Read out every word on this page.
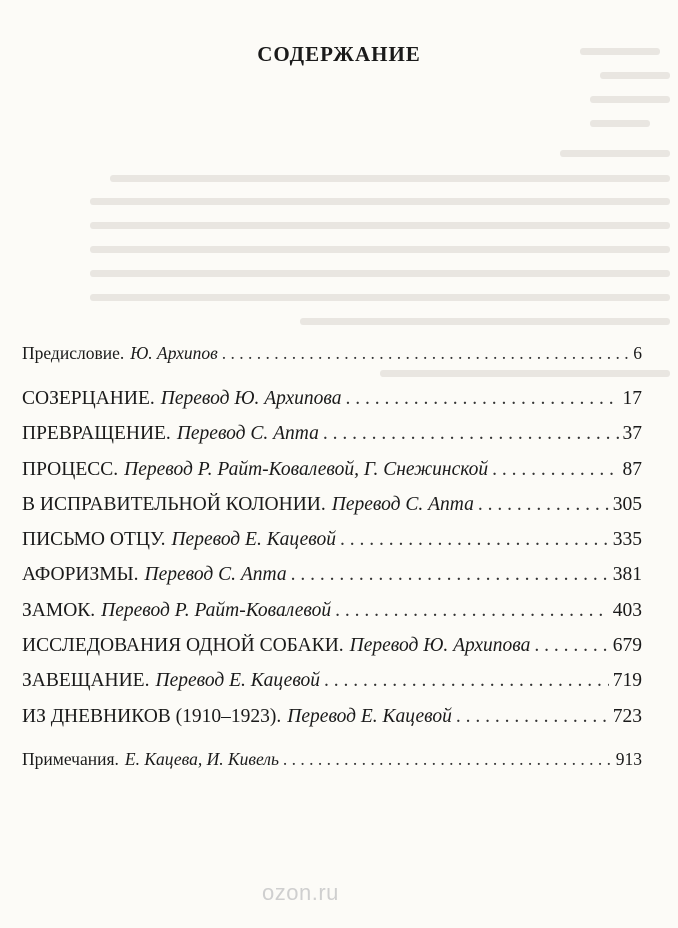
СОДЕРЖАНИЕ
Предисловие. Ю. Архипов . . .	6
СОЗЕРЦАНИЕ. Перевод Ю. Архипова . . .	17
ПРЕВРАЩЕНИЕ. Перевод С. Апта . . .	37
ПРОЦЕСС. Перевод Р. Райт-Ковалевой, Г. Снежинской . . .	87
В ИСПРАВИТЕЛЬНОЙ КОЛОНИИ. Перевод С. Апта . . .	305
ПИСЬМО ОТЦУ. Перевод Е. Кацевой . . .	335
АФОРИЗМЫ. Перевод С. Апта . . .	381
ЗАМОК. Перевод Р. Райт-Ковалевой . . .	403
ИССЛЕДОВАНИЯ ОДНОЙ СОБАКИ. Перевод Ю. Архипова . . .	679
ЗАВЕЩАНИЕ. Перевод Е. Кацевой . . .	719
ИЗ ДНЕВНИКОВ (1910–1923). Перевод Е. Кацевой . . .	723
Примечания. Е. Кацева, И. Кивель . . .	913
ozon.ru
